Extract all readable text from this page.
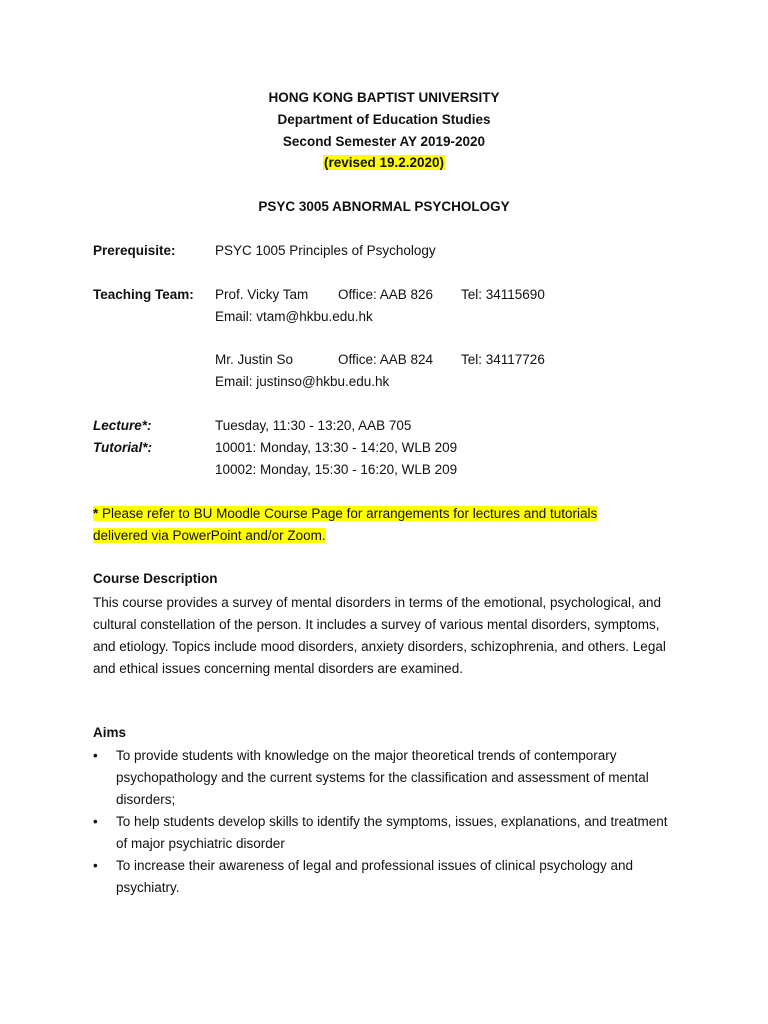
HONG KONG BAPTIST UNIVERSITY
Department of Education Studies
Second Semester AY 2019-2020
(revised 19.2.2020)
PSYC 3005 ABNORMAL PSYCHOLOGY
Prerequisite:	PSYC 1005 Principles of Psychology
Teaching Team: Prof. Vicky Tam Office: AAB 826 Tel: 34115690
Email: vtam@hkbu.edu.hk
Mr. Justin So	Office: AAB 824 Tel: 34117726
Email: justinso@hkbu.edu.hk
Lecture*:	Tuesday, 11:30 - 13:20, AAB 705
Tutorial*:	10001: Monday, 13:30 - 14:20, WLB 209
10002: Monday, 15:30 - 16:20, WLB 209
* Please refer to BU Moodle Course Page for arrangements for lectures and tutorials delivered via PowerPoint and/or Zoom.
Course Description
This course provides a survey of mental disorders in terms of the emotional, psychological, and cultural constellation of the person. It includes a survey of various mental disorders, symptoms, and etiology. Topics include mood disorders, anxiety disorders, schizophrenia, and others. Legal and ethical issues concerning mental disorders are examined.
Aims
• To provide students with knowledge on the major theoretical trends of contemporary psychopathology and the current systems for the classification and assessment of mental disorders;
• To help students develop skills to identify the symptoms, issues, explanations, and treatment of major psychiatric disorder
• To increase their awareness of legal and professional issues of clinical psychology and psychiatry.
